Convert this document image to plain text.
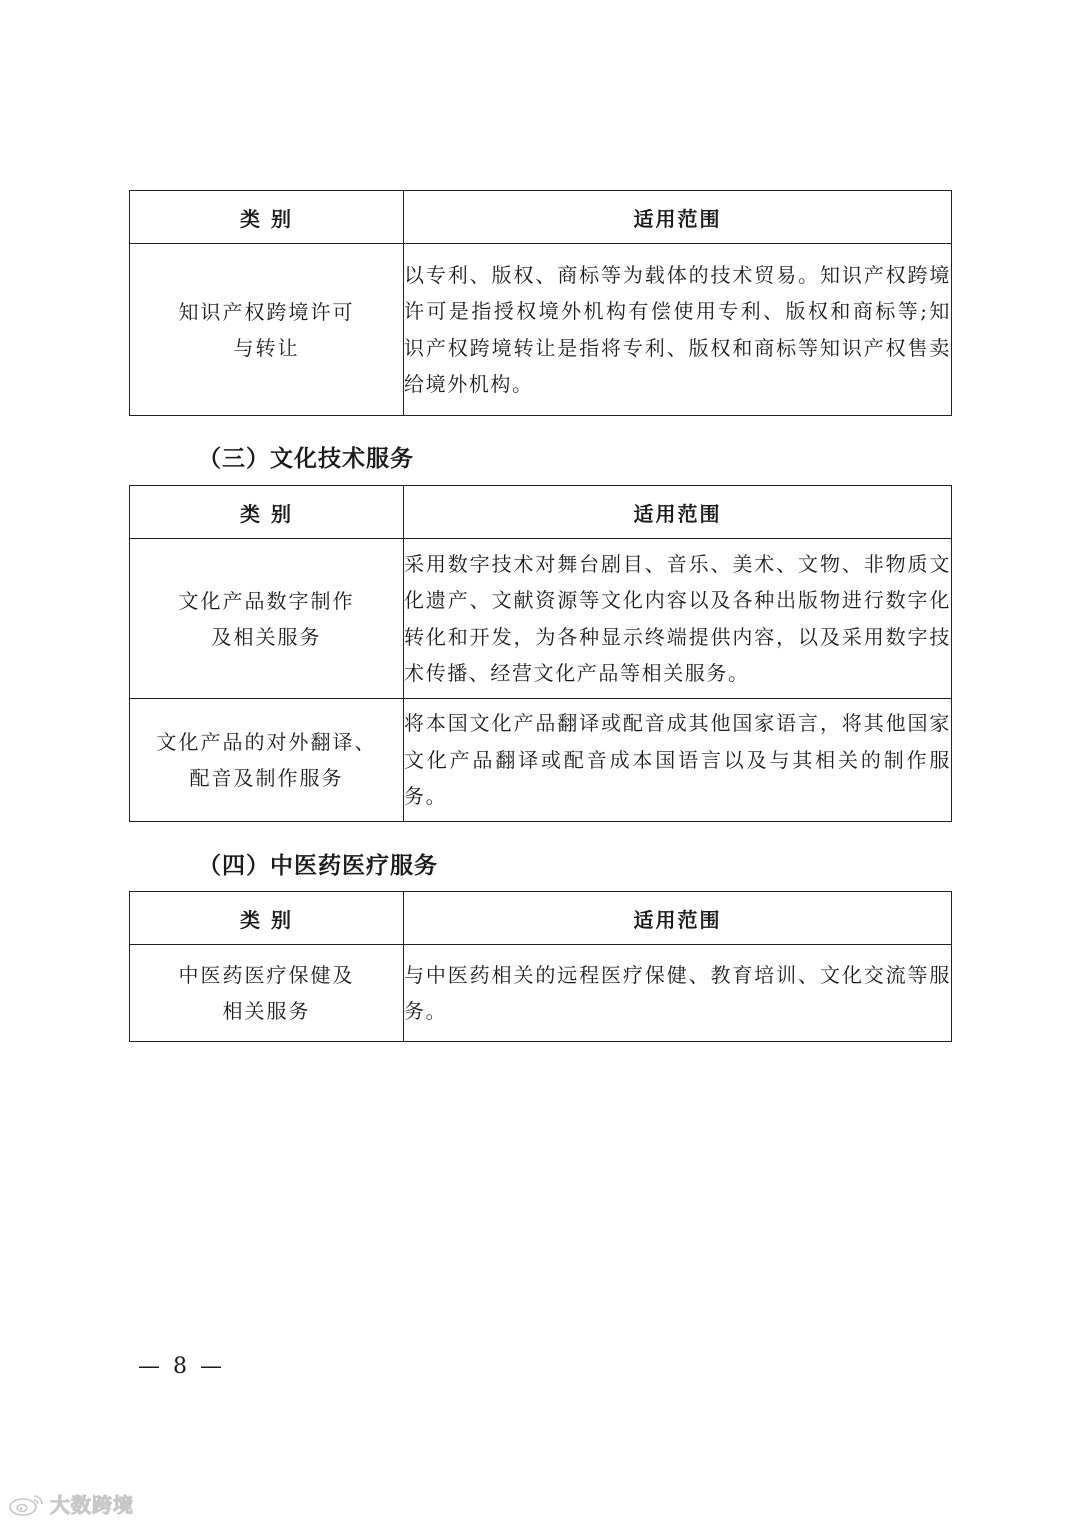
类 别	适用范围

知识产权跨境许可
与转让	以专利、版权、商标等为载体的技术贸易。知识产权跨境许可是指授权境外机构有偿使用专利、版权和商标等;知识产权跨境转让是指将专利、版权和商标等知识产权售卖给境外机构。
（三）文化技术服务
类 别	适用范围

文化产品数字制作
及相关服务	采用数字技术对舞台剧目、音乐、美术、文物、非物质文化遗产、文献资源等文化内容以及各种出版物进行数字化转化和开发，为各种显示终端提供内容，以及采用数字技术传播、经营文化产品等相关服务。

文化产品的对外翻译、
配音及制作服务	将本国文化产品翻译或配音成其他国家语言，将其他国家文化产品翻译或配音成本国语言以及与其相关的制作服务。
（四）中医药医疗服务
类 别	适用范围

中医药医疗保健及
相关服务	与中医药相关的远程医疗保健、教育培训、文化交流等服务。
— 8 —
大数跨境
